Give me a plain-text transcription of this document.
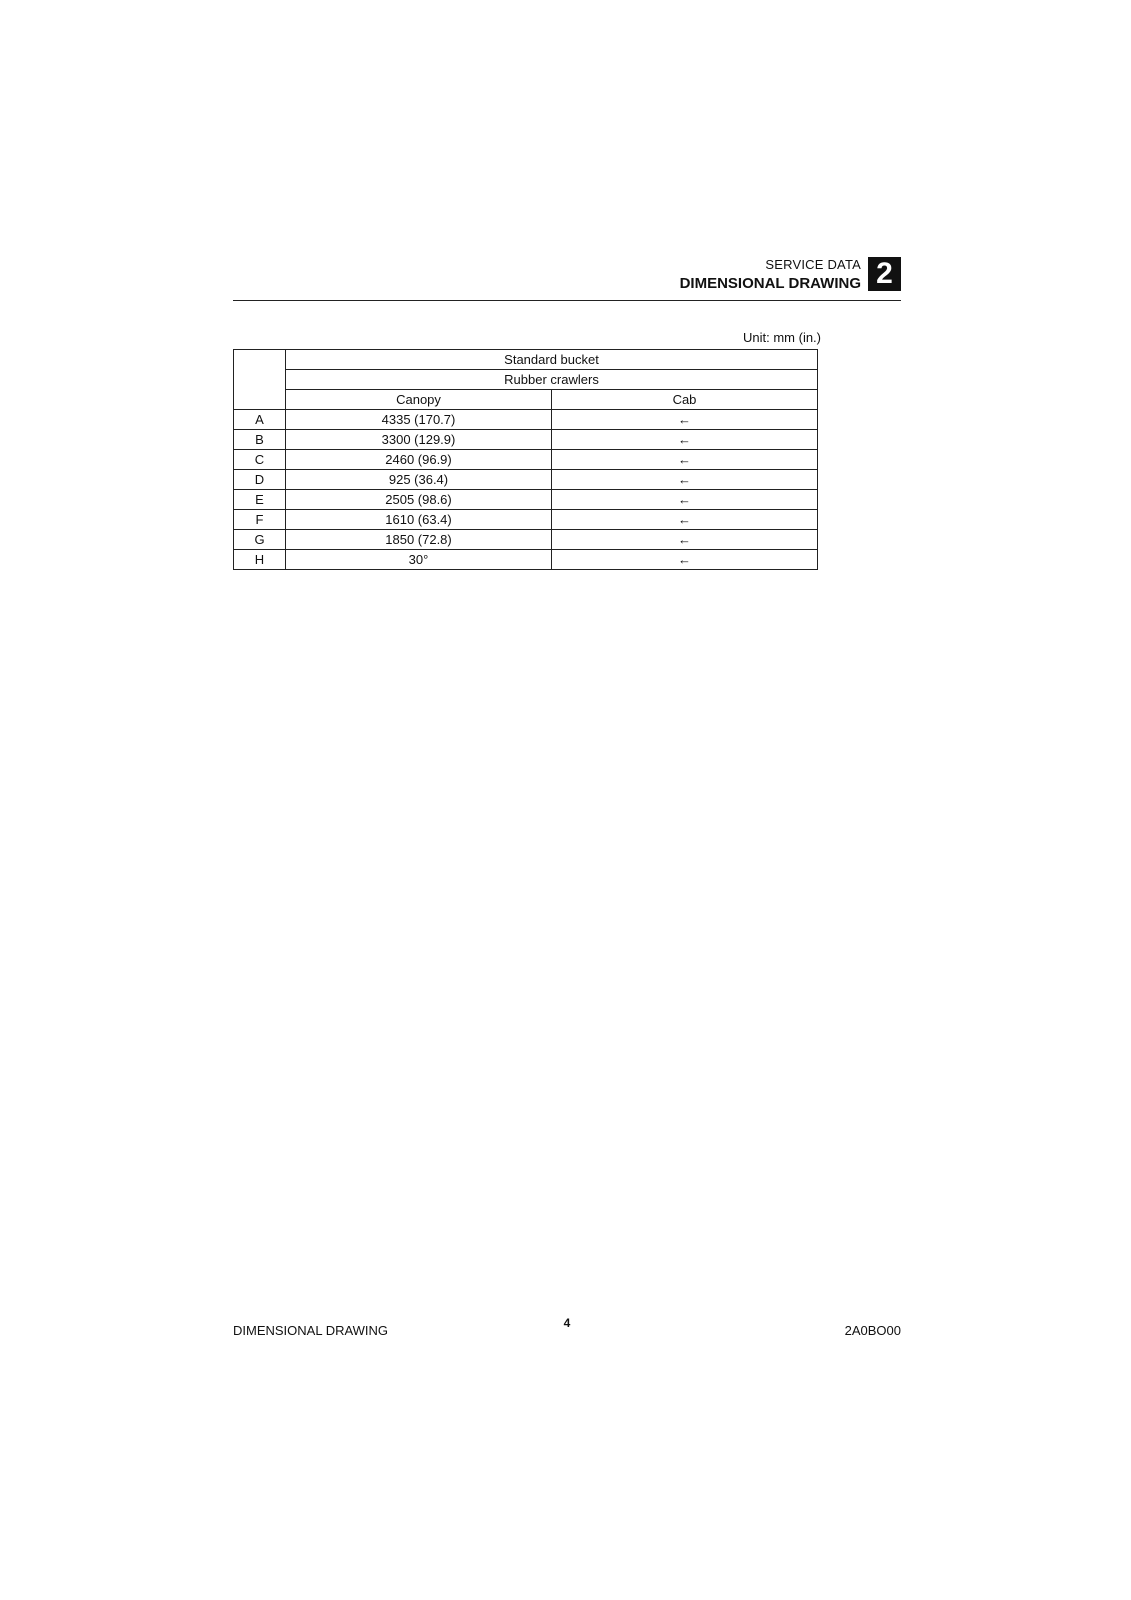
SERVICE DATA
DIMENSIONAL DRAWING 2
Unit: mm (in.)
	Standard bucket	
	Rubber crawlers	
	Canopy	Cab
A	4335 (170.7)	←
B	3300 (129.9)	←
C	2460 (96.9)	←
D	925 (36.4)	←
E	2505 (98.6)	←
F	1610 (63.4)	←
G	1850 (72.8)	←
H	30°	←
DIMENSIONAL DRAWING	4	2A0BO00
